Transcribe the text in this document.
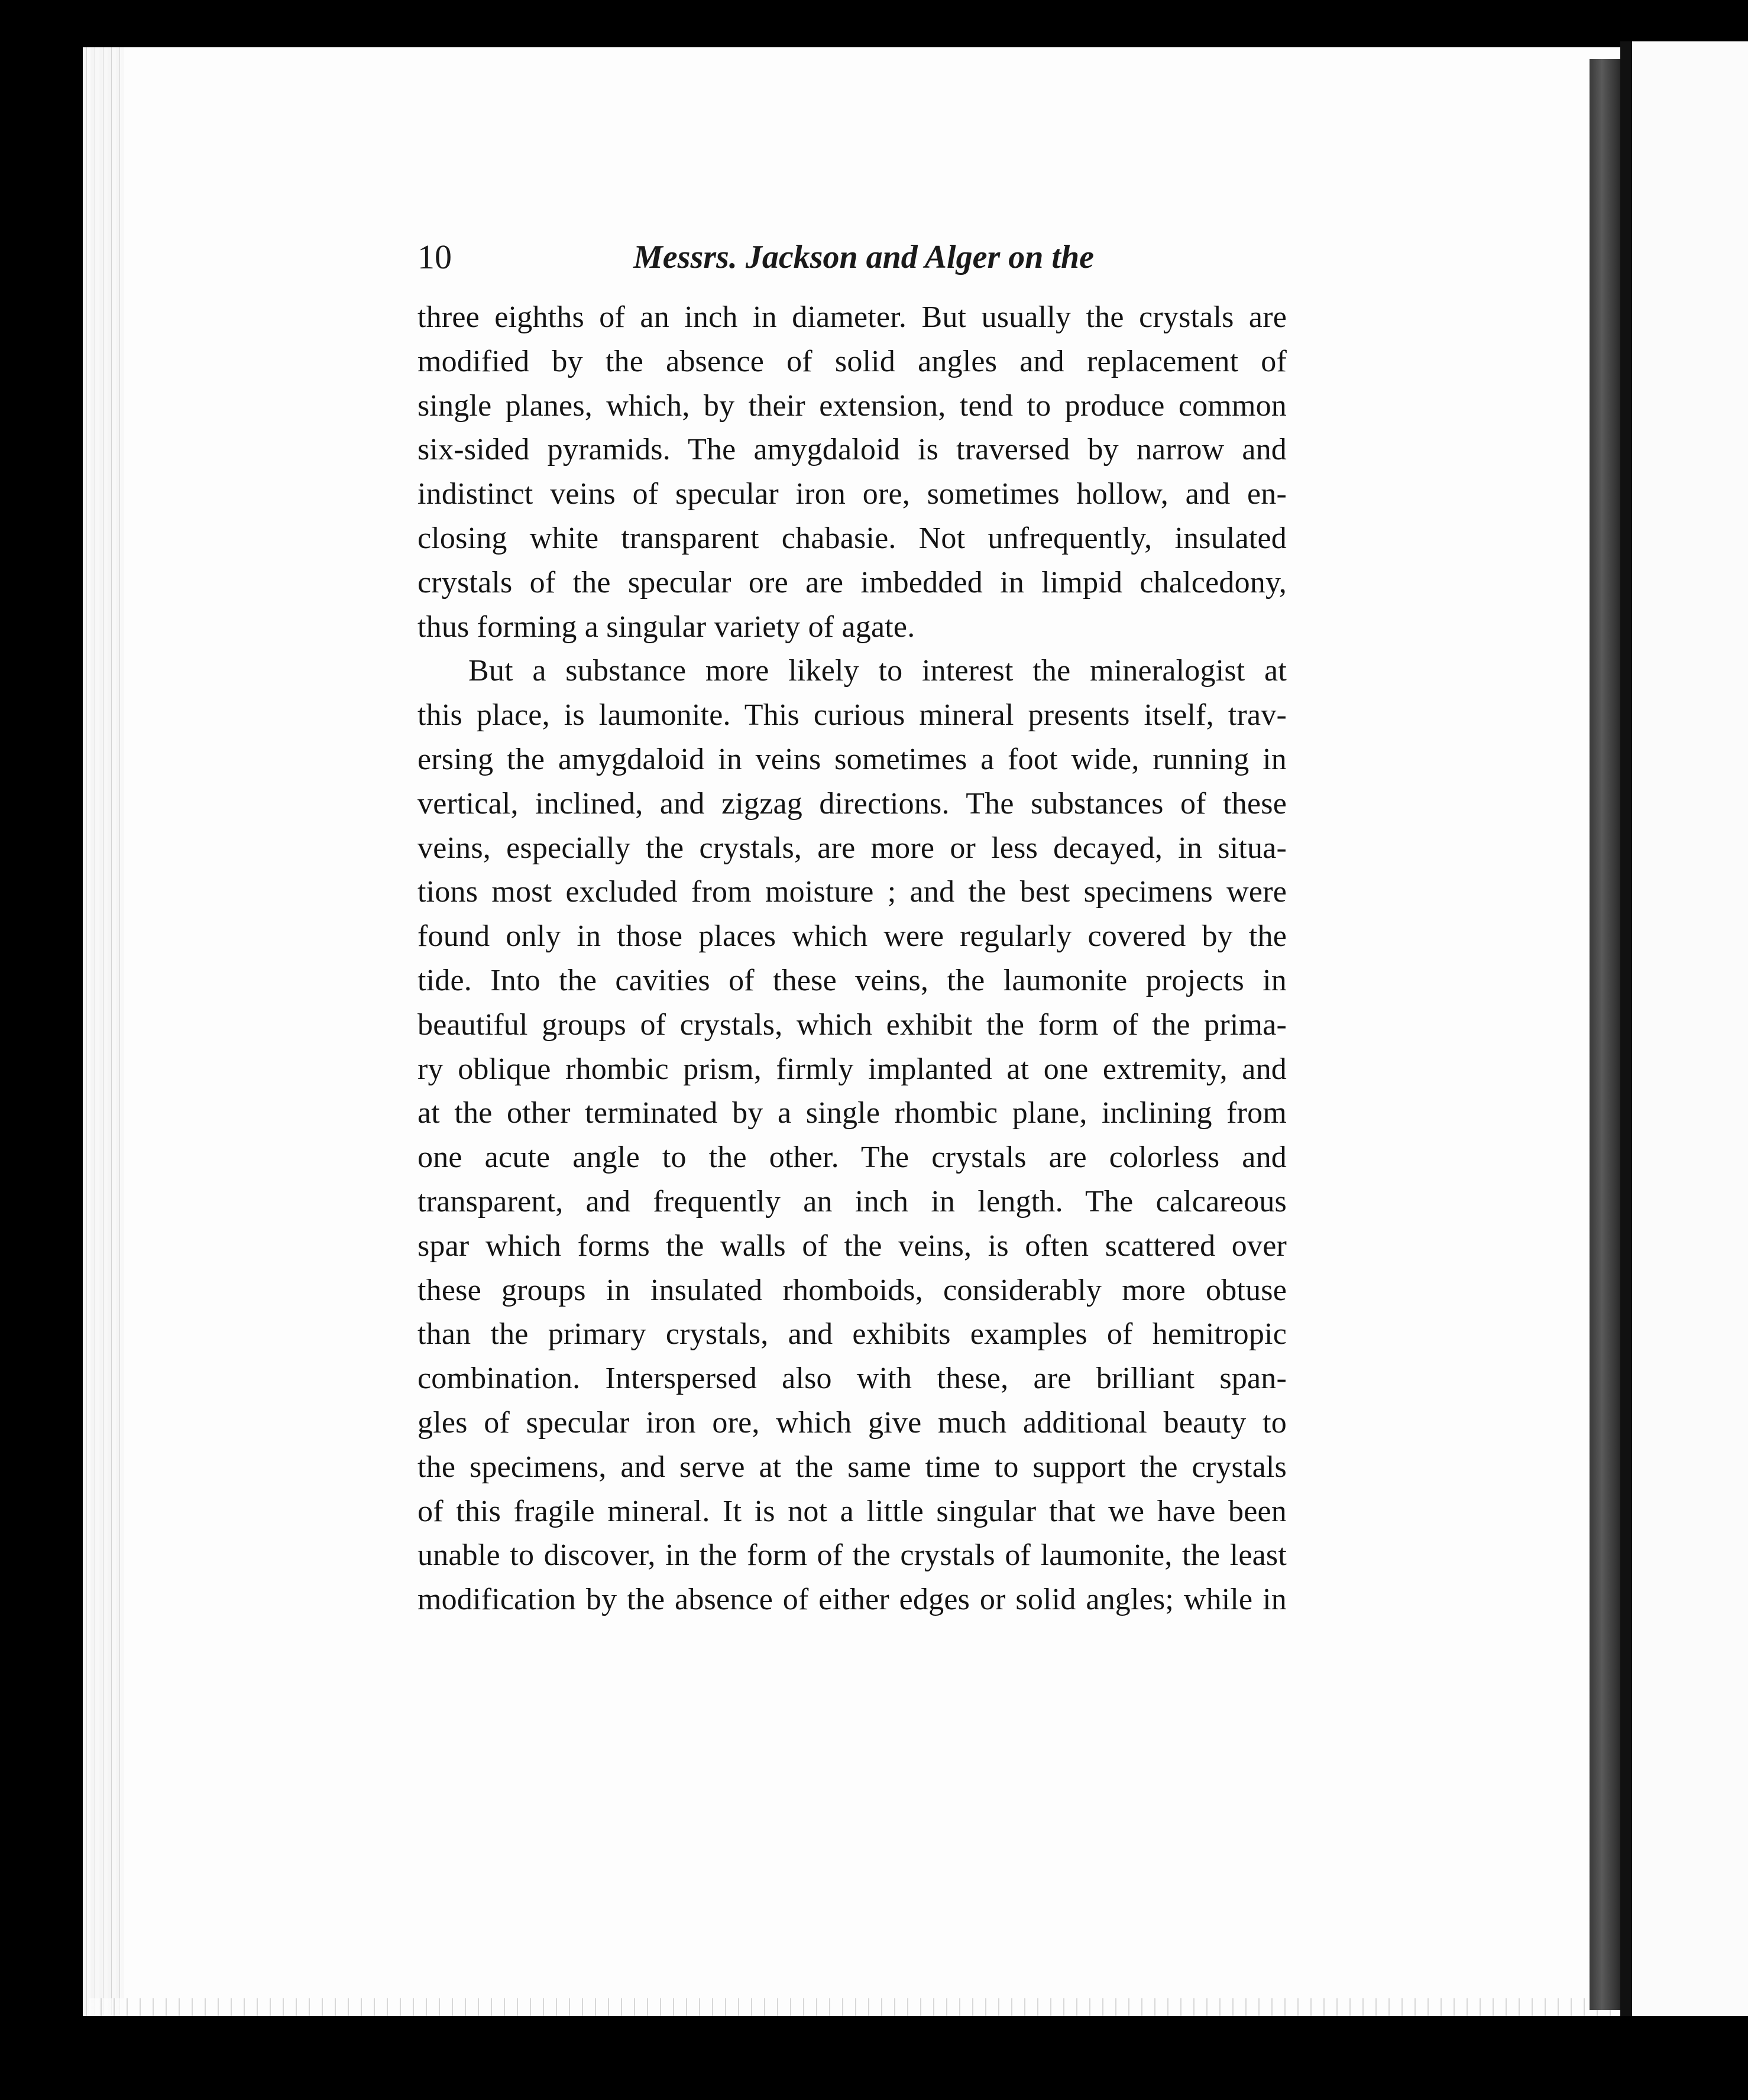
10	Messrs. Jackson and Alger on the
three eighths of an inch in diameter. But usually the crystals are
modified by the absence of solid angles and replacement of
single planes, which, by their extension, tend to produce common
six-sided pyramids. The amygdaloid is traversed by narrow and
indistinct veins of specular iron ore, sometimes hollow, and en-
closing white transparent chabasie. Not unfrequently, insulated
crystals of the specular ore are imbedded in limpid chalcedony,
thus forming a singular variety of agate.
But a substance more likely to interest the mineralogist at
this place, is laumonite. This curious mineral presents itself, trav-
ersing the amygdaloid in veins sometimes a foot wide, running in
vertical, inclined, and zigzag directions. The substances of these
veins, especially the crystals, are more or less decayed, in situa-
tions most excluded from moisture ; and the best specimens were
found only in those places which were regularly covered by the
tide. Into the cavities of these veins, the laumonite projects in
beautiful groups of crystals, which exhibit the form of the prima-
ry oblique rhombic prism, firmly implanted at one extremity, and
at the other terminated by a single rhombic plane, inclining from
one acute angle to the other. The crystals are colorless and
transparent, and frequently an inch in length. The calcareous
spar which forms the walls of the veins, is often scattered over
these groups in insulated rhomboids, considerably more obtuse
than the primary crystals, and exhibits examples of hemitropic
combination. Interspersed also with these, are brilliant span-
gles of specular iron ore, which give much additional beauty to
the specimens, and serve at the same time to support the crystals
of this fragile mineral. It is not a little singular that we have been
unable to discover, in the form of the crystals of laumonite, the least
modification by the absence of either edges or solid angles; while in
